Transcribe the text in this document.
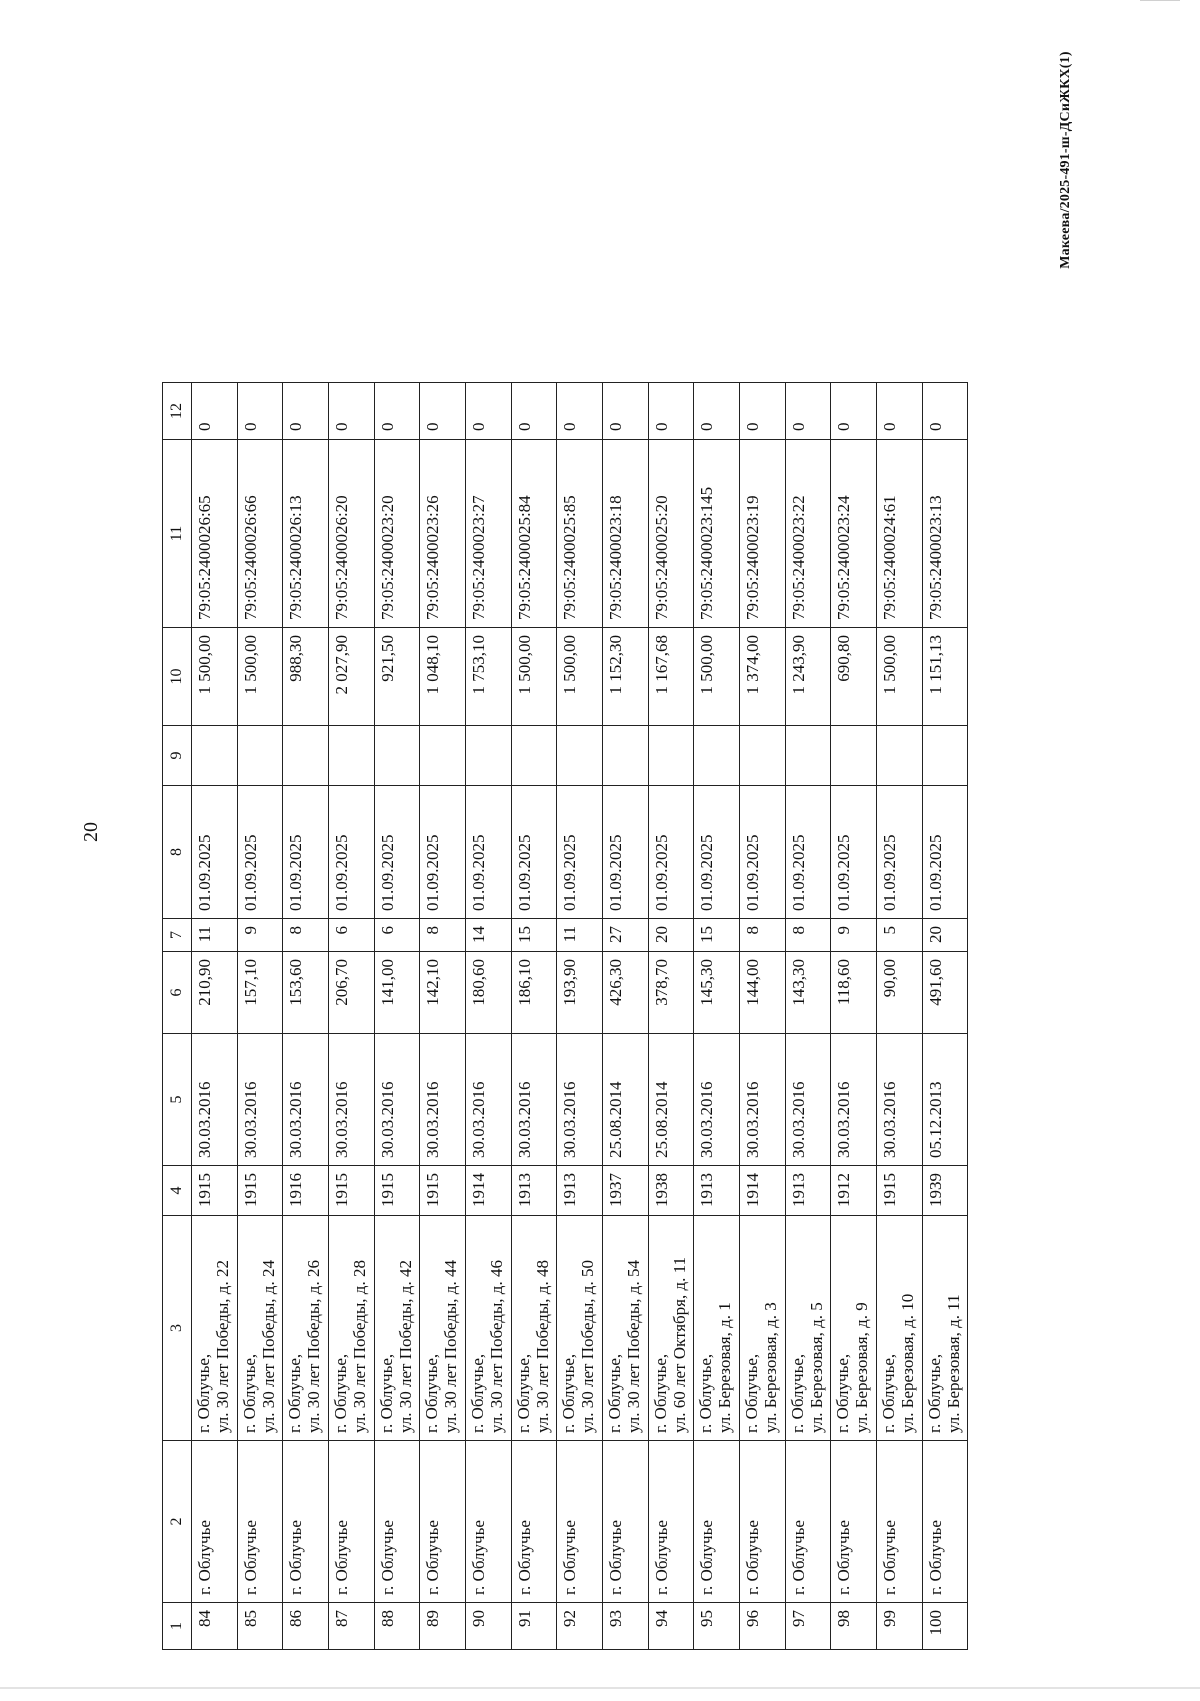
20
1
2
3
4
5
6
7
8
9
10
11
12
84
г. Облучье
г. Облучье, ул. 30 лет Победы, д. 22
1915
30.03.2016
210,90
11
01.09.2025
1 500,00
79:05:2400026:65
0
85
г. Облучье
г. Облучье, ул. 30 лет Победы, д. 24
1915
30.03.2016
157,10
9
01.09.2025
1 500,00
79:05:2400026:66
0
86
г. Облучье
г. Облучье, ул. 30 лет Победы, д. 26
1916
30.03.2016
153,60
8
01.09.2025
988,30
79:05:2400026:13
0
87
г. Облучье
г. Облучье, ул. 30 лет Победы, д. 28
1915
30.03.2016
206,70
6
01.09.2025
2 027,90
79:05:2400026:20
0
88
г. Облучье
г. Облучье, ул. 30 лет Победы, д. 42
1915
30.03.2016
141,00
6
01.09.2025
921,50
79:05:2400023:20
0
89
г. Облучье
г. Облучье, ул. 30 лет Победы, д. 44
1915
30.03.2016
142,10
8
01.09.2025
1 048,10
79:05:2400023:26
0
90
г. Облучье
г. Облучье, ул. 30 лет Победы, д. 46
1914
30.03.2016
180,60
14
01.09.2025
1 753,10
79:05:2400023:27
0
91
г. Облучье
г. Облучье, ул. 30 лет Победы, д. 48
1913
30.03.2016
186,10
15
01.09.2025
1 500,00
79:05:2400025:84
0
92
г. Облучье
г. Облучье, ул. 30 лет Победы, д. 50
1913
30.03.2016
193,90
11
01.09.2025
1 500,00
79:05:2400025:85
0
93
г. Облучье
г. Облучье, ул. 30 лет Победы, д. 54
1937
25.08.2014
426,30
27
01.09.2025
1 152,30
79:05:2400023:18
0
94
г. Облучье
г. Облучье, ул. 60 лет Октября, д. 11
1938
25.08.2014
378,70
20
01.09.2025
1 167,68
79:05:2400025:20
0
95
г. Облучье
г. Облучье, ул. Березовая, д. 1
1913
30.03.2016
145,30
15
01.09.2025
1 500,00
79:05:2400023:145
0
96
г. Облучье
г. Облучье, ул. Березовая, д. 3
1914
30.03.2016
144,00
8
01.09.2025
1 374,00
79:05:2400023:19
0
97
г. Облучье
г. Облучье, ул. Березовая, д. 5
1913
30.03.2016
143,30
8
01.09.2025
1 243,90
79:05:2400023:22
0
98
г. Облучье
г. Облучье, ул. Березовая, д. 9
1912
30.03.2016
118,60
9
01.09.2025
690,80
79:05:2400023:24
0
99
г. Облучье
г. Облучье, ул. Березовая, д. 10
1915
30.03.2016
90,00
5
01.09.2025
1 500,00
79:05:2400024:61
0
100
г. Облучье
г. Облучье, ул. Березовая, д. 11
1939
05.12.2013
491,60
20
01.09.2025
1 151,13
79:05:2400023:13
0
Макеева/2025-491-ш-ДСиЖКХ(1)
